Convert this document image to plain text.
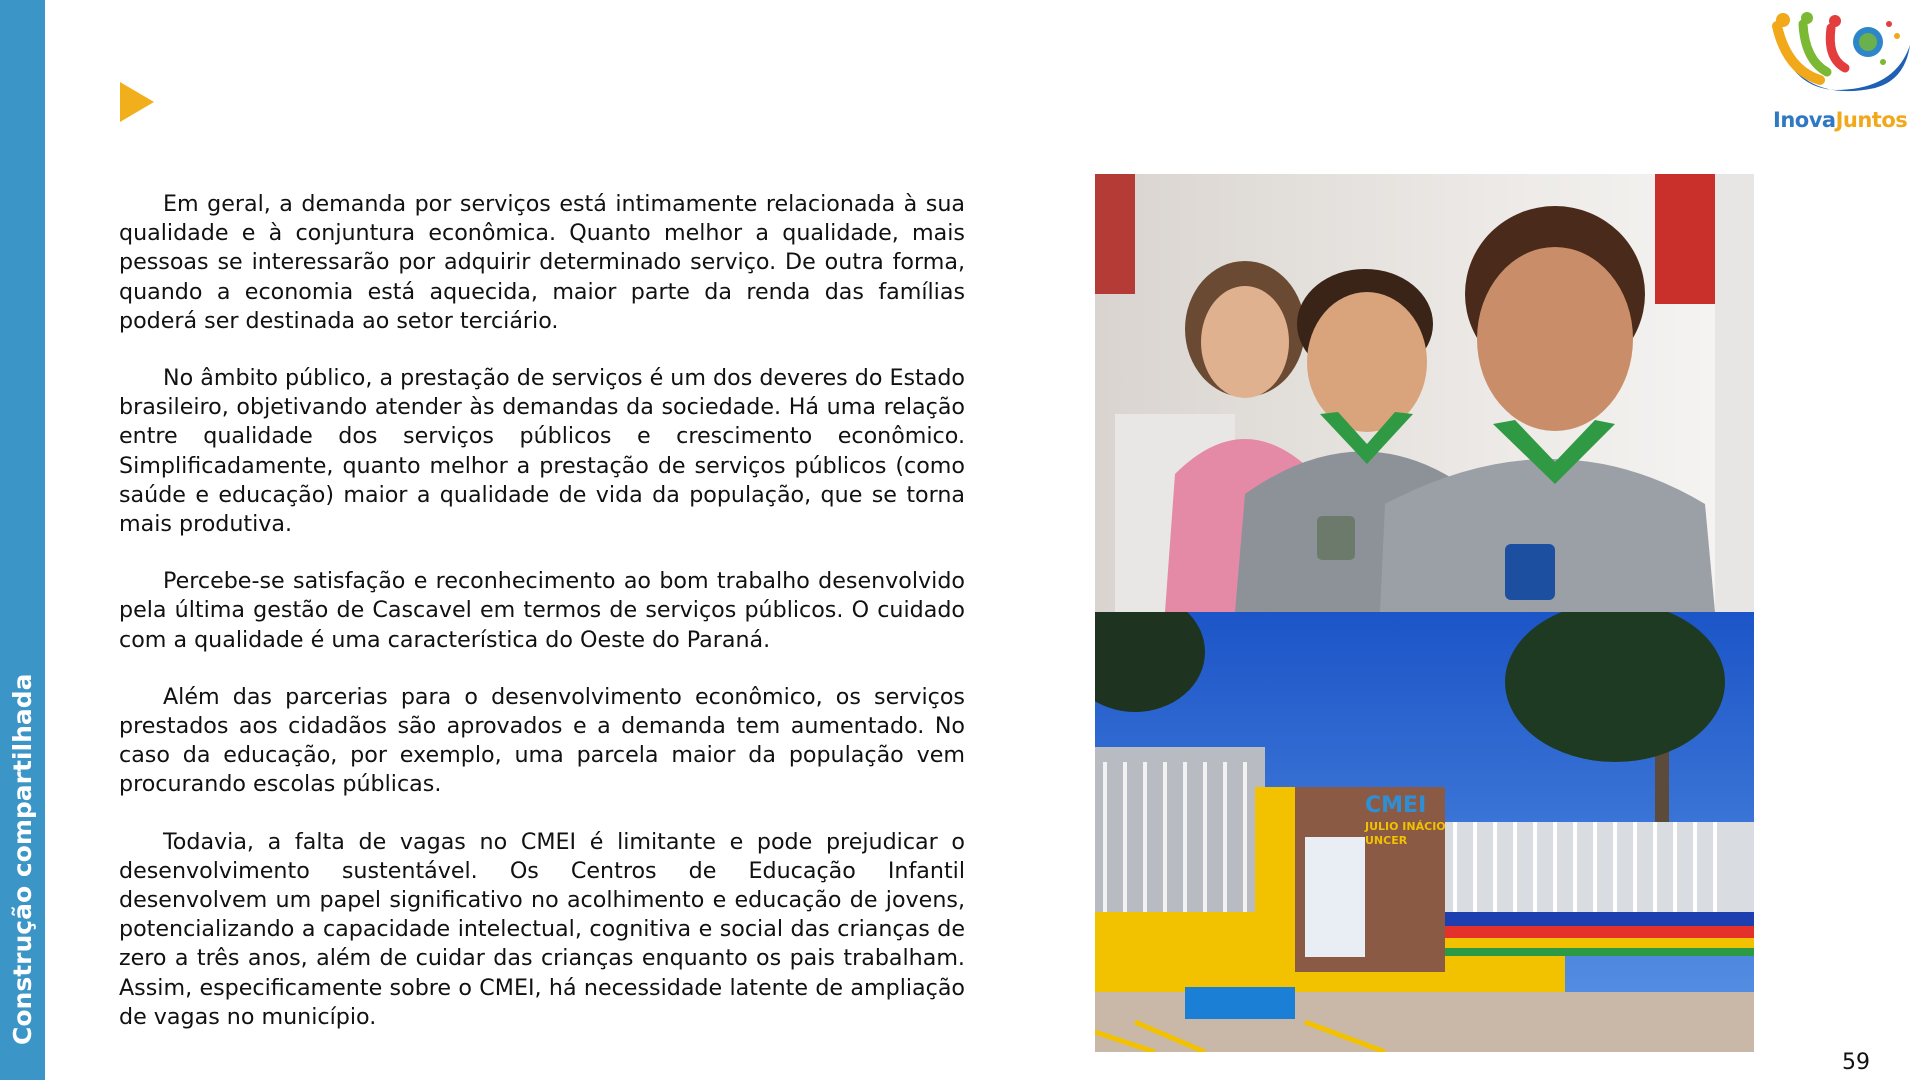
Construção compartilhada

Em geral, a demanda por serviços está intimamente relacionada à sua qualidade e à conjuntura econômica. Quanto melhor a qualidade, mais pessoas se interessarão por adquirir determinado serviço. De outra forma, quando a economia está aquecida, maior parte da renda das famílias poderá ser destinada ao setor terciário.

No âmbito público, a prestação de serviços é um dos deveres do Estado brasileiro, objetivando atender às demandas da sociedade. Há uma relação entre qualidade dos serviços públicos e crescimento econômico. Simplificadamente, quanto melhor a prestação de serviços públicos (como saúde e educação) maior a qualidade de vida da população, que se torna mais produtiva.

Percebe-se satisfação e reconhecimento ao bom trabalho desenvolvido pela última gestão de Cascavel em termos de serviços públicos. O cuidado com a qualidade é uma característica do Oeste do Paraná.

Além das parcerias para o desenvolvimento econômico, os serviços prestados aos cidadãos são aprovados e a demanda tem aumentado. No caso da educação, por exemplo, uma parcela maior da população vem procurando escolas públicas.

Todavia, a falta de vagas no CMEI é limitante e pode prejudicar o desenvolvimento sustentável. Os Centros de Educação Infantil desenvolvem um papel significativo no acolhimento e educação de jovens, potencializando a capacidade intelectual, cognitiva e social das crianças de zero a três anos, além de cuidar das crianças enquanto os pais trabalham. Assim, especificamente sobre o CMEI, há necessidade latente de ampliação de vagas no município.

CMEI
JULIO INÁCIO
UNCER
InovaJuntos
59
